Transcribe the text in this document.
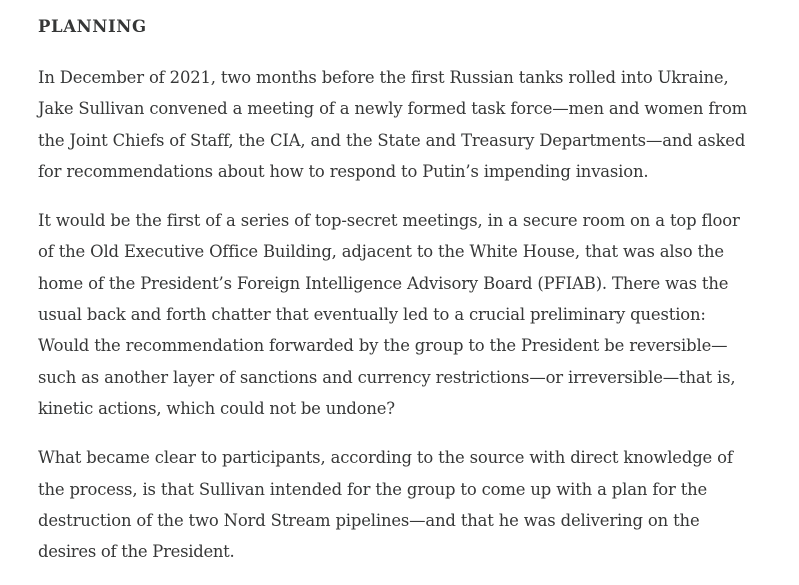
PLANNING

In December of 2021, two months before the first Russian tanks rolled into Ukraine,
Jake Sullivan convened a meeting of a newly formed task force—men and women from
the Joint Chiefs of Staff, the CIA, and the State and Treasury Departments—and asked
for recommendations about how to respond to Putin’s impending invasion.

It would be the first of a series of top-secret meetings, in a secure room on a top floor
of the Old Executive Office Building, adjacent to the White House, that was also the
home of the President’s Foreign Intelligence Advisory Board (PFIAB). There was the
usual back and forth chatter that eventually led to a crucial preliminary question:
Would the recommendation forwarded by the group to the President be reversible—
such as another layer of sanctions and currency restrictions—or irreversible—that is,
kinetic actions, which could not be undone?

What became clear to participants, according to the source with direct knowledge of
the process, is that Sullivan intended for the group to come up with a plan for the
destruction of the two Nord Stream pipelines—and that he was delivering on the
desires of the President.
